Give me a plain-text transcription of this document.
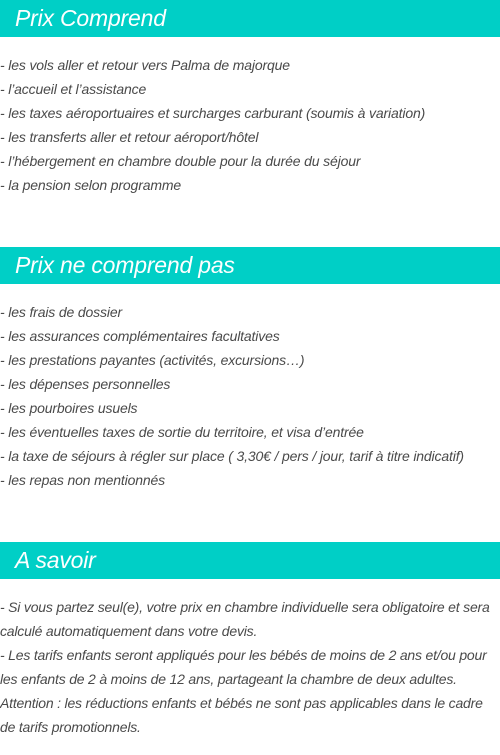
Prix Comprend
- les vols aller et retour vers Palma de majorque
- l’accueil et l’assistance
- les taxes aéroportuaires et surcharges carburant (soumis à variation)
- les transferts aller et retour aéroport/hôtel
- l’hébergement en chambre double pour la durée du séjour
- la pension selon programme
Prix ne comprend pas
- les frais de dossier
- les assurances complémentaires facultatives
- les prestations payantes (activités, excursions…)
- les dépenses personnelles
- les pourboires usuels
- les éventuelles taxes de sortie du territoire, et visa d’entrée
- la taxe de séjours à régler sur place ( 3,30€ / pers / jour, tarif à titre indicatif)
- les repas non mentionnés
A savoir

- Si vous partez seul(e), votre prix en chambre individuelle sera obligatoire et sera calculé automatiquement dans votre devis.

- Les tarifs enfants seront appliqués pour les bébés de moins de 2 ans et/ou pour les enfants de 2 à moins de 12 ans, partageant la chambre de deux adultes.

Attention : les réductions enfants et bébés ne sont pas applicables dans le cadre de tarifs promotionnels.
